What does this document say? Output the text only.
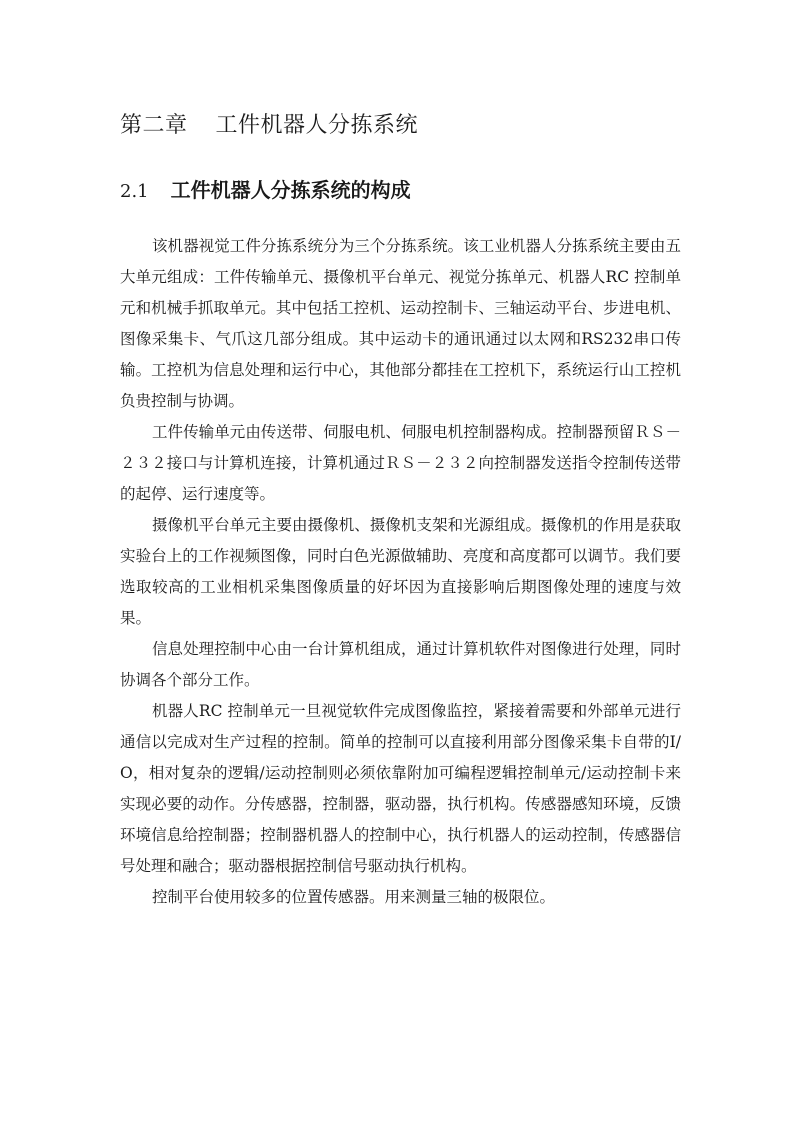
第二章 工件机器人分拣系统
2.1 工件机器人分拣系统的构成

该机器视觉工件分拣系统分为三个分拣系统。该工业机器人分拣系统主要由五大单元组成：工件传输单元、摄像机平台单元、视觉分拣单元、机器人RC 控制单元和机械手抓取单元。其中包括工控机、运动控制卡、三轴运动平台、步进电机、图像采集卡、气爪这几部分组成。其中运动卡的通讯通过以太网和RS232串口传输。工控机为信息处理和运行中心，其他部分都挂在工控机下，系统运行山工控机负贵控制与协调。

工件传输单元由传送带、伺服电机、伺服电机控制器构成。控制器预留ＲＳ－２３２接口与计算机连接，计算机通过ＲＳ－２３２向控制器发送指令控制传送带的起停、运行速度等。

摄像机平台单元主要由摄像机、摄像机支架和光源组成。摄像机的作用是获取实验台上的工作视频图像，同时白色光源做辅助、亮度和高度都可以调节。我们要选取较高的工业相机采集图像质量的好坏因为直接影响后期图像处理的速度与效果。

信息处理控制中心由一台计算机组成，通过计算机软件对图像进行处理，同时协调各个部分工作。

机器人RC 控制单元一旦视觉软件完成图像监控，紧接着需要和外部单元进行通信以完成对生产过程的控制。简单的控制可以直接利用部分图像采集卡自带的I/O，相对复杂的逻辑/运动控制则必须依靠附加可编程逻辑控制单元/运动控制卡来实现必要的动作。分传感器，控制器，驱动器，执行机构。传感器感知环境，反馈环境信息给控制器；控制器机器人的控制中心，执行机器人的运动控制，传感器信号处理和融合；驱动器根据控制信号驱动执行机构。

控制平台使用较多的位置传感器。用来测量三轴的极限位。
